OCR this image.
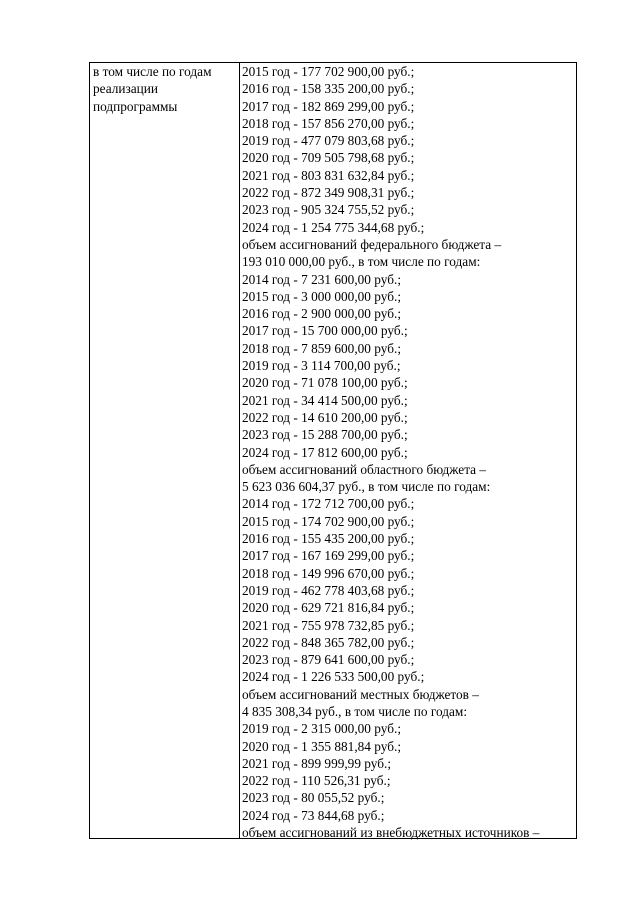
в том числе по годам
реализации
подпрограммы
2015 год - 177 702 900,00 руб.;
2016 год - 158 335 200,00 руб.;
2017 год - 182 869 299,00 руб.;
2018 год - 157 856 270,00 руб.;
2019 год - 477 079 803,68 руб.;
2020 год - 709 505 798,68 руб.;
2021 год - 803 831 632,84 руб.;
2022 год - 872 349 908,31 руб.;
2023 год - 905 324 755,52 руб.;
2024 год - 1 254 775 344,68 руб.;
объем ассигнований федерального бюджета –
193 010 000,00 руб., в том числе по годам:
2014 год - 7 231 600,00 руб.;
2015 год - 3 000 000,00 руб.;
2016 год - 2 900 000,00 руб.;
2017 год - 15 700 000,00 руб.;
2018 год - 7 859 600,00 руб.;
2019 год - 3 114 700,00 руб.;
2020 год - 71 078 100,00 руб.;
2021 год - 34 414 500,00 руб.;
2022 год - 14 610 200,00 руб.;
2023 год - 15 288 700,00 руб.;
2024 год - 17 812 600,00 руб.;
объем ассигнований областного бюджета –
5 623 036 604,37 руб., в том числе по годам:
2014 год - 172 712 700,00 руб.;
2015 год - 174 702 900,00 руб.;
2016 год - 155 435 200,00 руб.;
2017 год - 167 169 299,00 руб.;
2018 год - 149 996 670,00 руб.;
2019 год - 462 778 403,68 руб.;
2020 год - 629 721 816,84 руб.;
2021 год - 755 978 732,85 руб.;
2022 год - 848 365 782,00 руб.;
2023 год - 879 641 600,00 руб.;
2024 год - 1 226 533 500,00 руб.;
объем ассигнований местных бюджетов –
4 835 308,34 руб., в том числе по годам:
2019 год - 2 315 000,00 руб.;
2020 год - 1 355 881,84 руб.;
2021 год - 899 999,99 руб.;
2022 год - 110 526,31 руб.;
2023 год - 80 055,52 руб.;
2024 год - 73 844,68 руб.;
объем ассигнований из внебюджетных источников –
